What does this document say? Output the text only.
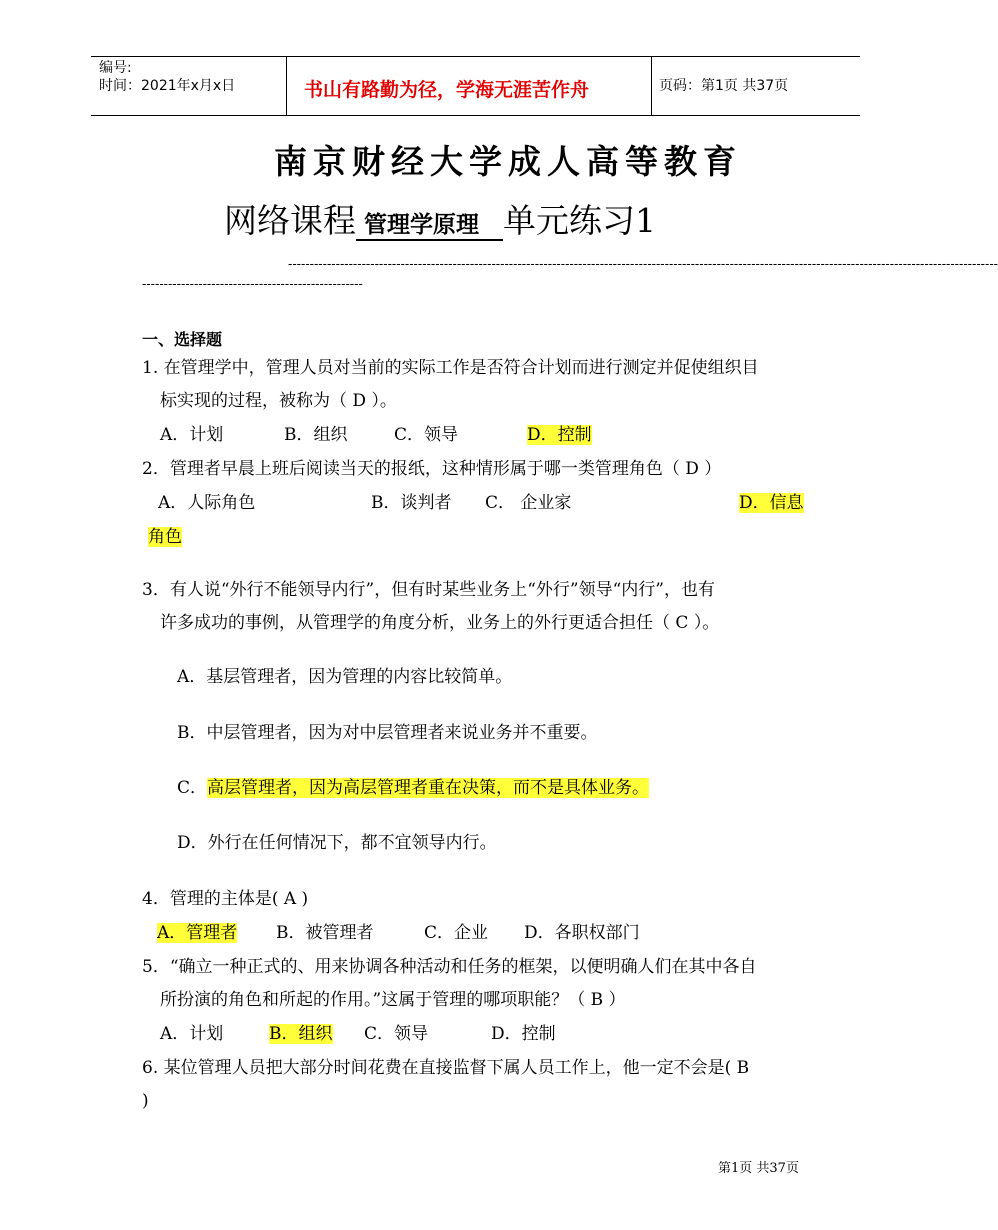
编号:
时间：2021年x月x日	书山有路勤为径，学海无涯苦作舟	页码：第1页 共37页
南京财经大学成人高等教育
网络课程 管理学原理 单元练习1
--------------------------------------------------------------------------------------------------------------------------------------------------------------------
---------------------------------------------------
一、选择题
1. 在管理学中，管理人员对当前的实际工作是否符合计划而进行测定并促使组织目
标实现的过程，被称为（ D ）。
A．计划	B．组织	C．领导	D．控制
2．管理者早晨上班后阅读当天的报纸，这种情形属于哪一类管理角色（ D ）
A．人际角色	B．谈判者 C． 企业家	D．信息
角色
3．有人说“外行不能领导内行”，但有时某些业务上“外行”领导“内行”，也有
许多成功的事例，从管理学的角度分析，业务上的外行更适合担任（ C ）。
A．基层管理者，因为管理的内容比较简单。
B．中层管理者，因为对中层管理者来说业务并不重要。
C．高层管理者，因为高层管理者重在决策，而不是具体业务。
D．外行在任何情况下，都不宜领导内行。
4．管理的主体是( A )
A．管理者 B．被管理者	C．企业 D．各职权部门
5．“确立一种正式的、用来协调各种活动和任务的框架，以便明确人们在其中各自
所扮演的角色和所起的作用。”这属于管理的哪项职能？（ B ）
A．计划	B．组织 C．领导	D．控制
6. 某位管理人员把大部分时间花费在直接监督下属人员工作上，他一定不会是( B
)
第1页 共37页
